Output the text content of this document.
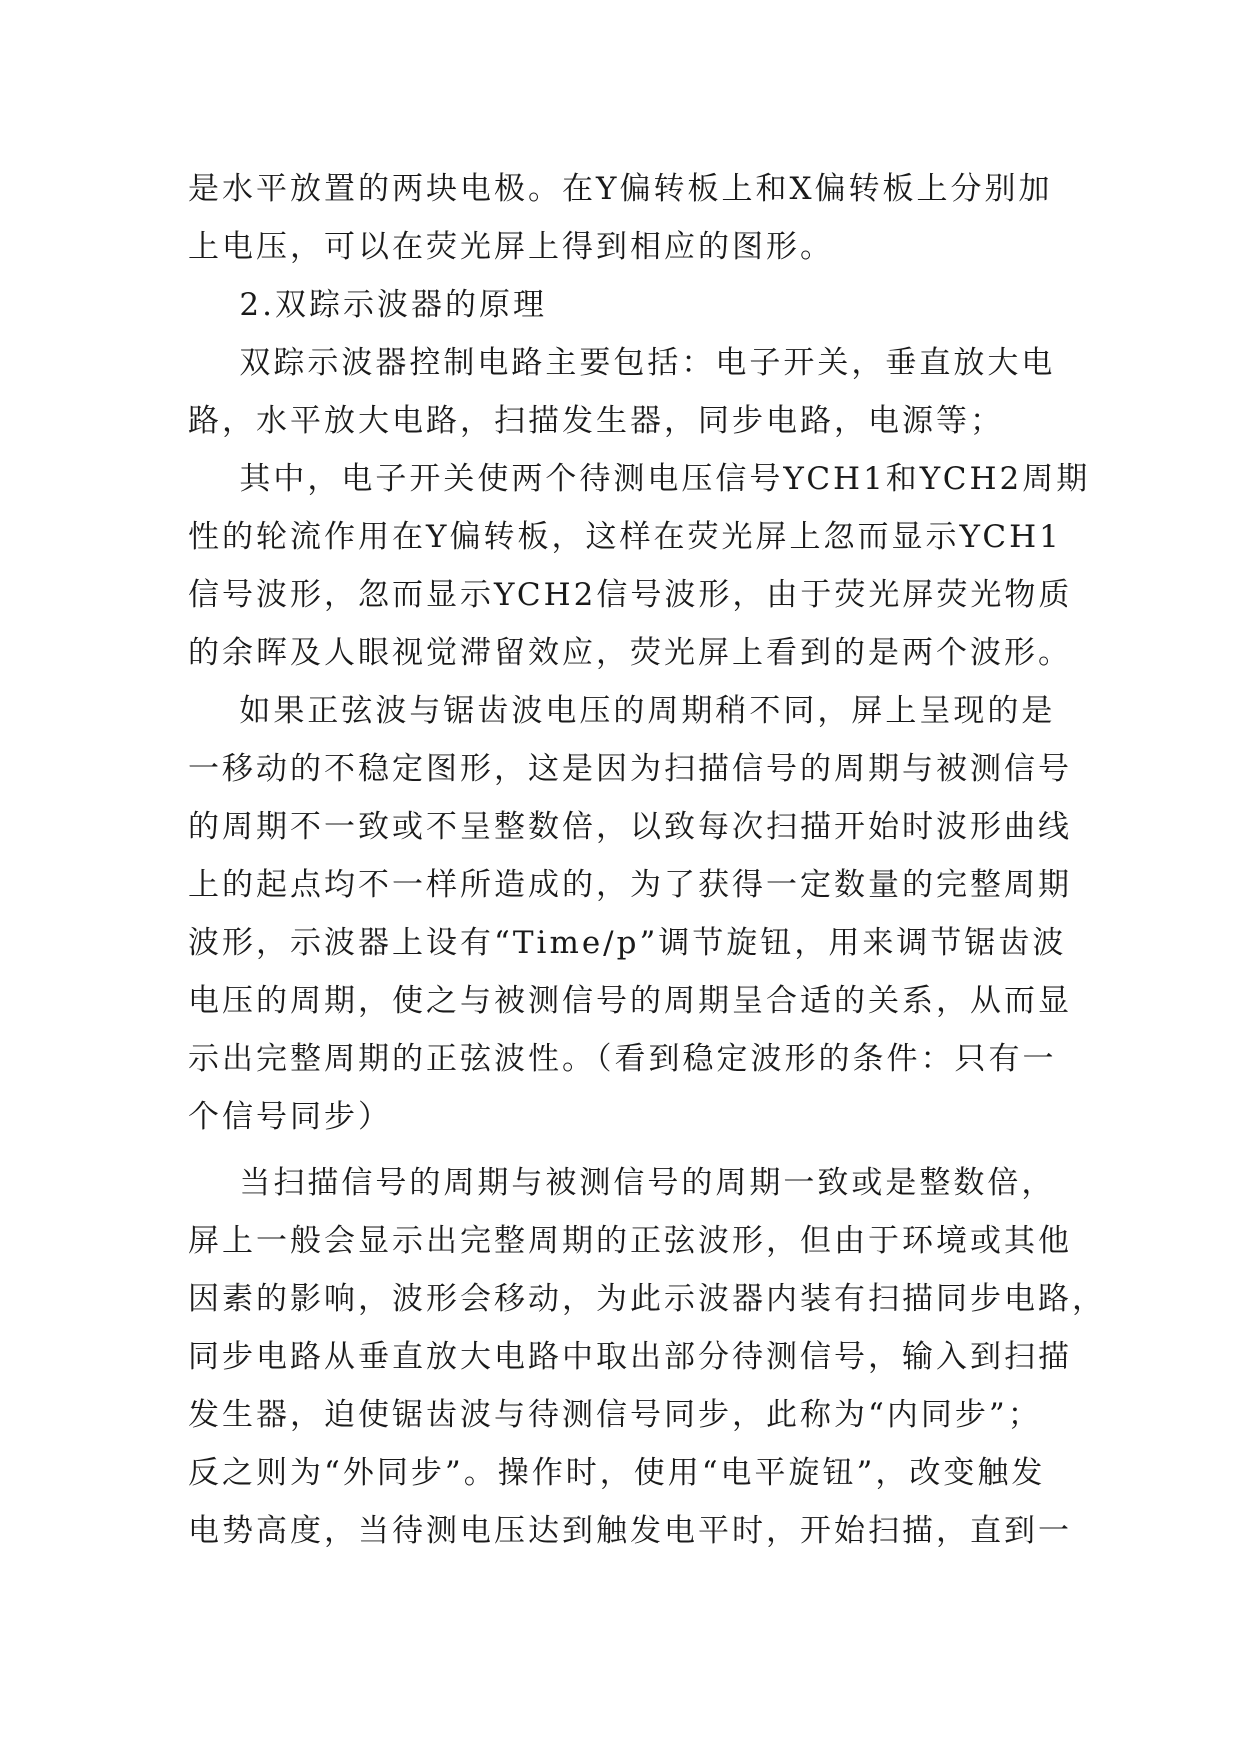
是水平放置的两块电极。在Y偏转板上和X偏转板上分别加
上电压，可以在荧光屏上得到相应的图形。
2.双踪示波器的原理
双踪示波器控制电路主要包括：电子开关，垂直放大电
路，水平放大电路，扫描发生器，同步电路，电源等；
其中，电子开关使两个待测电压信号YCH1和YCH2周期
性的轮流作用在Y偏转板，这样在荧光屏上忽而显示YCH1
信号波形，忽而显示YCH2信号波形，由于荧光屏荧光物质
的余晖及人眼视觉滞留效应，荧光屏上看到的是两个波形。
如果正弦波与锯齿波电压的周期稍不同，屏上呈现的是
一移动的不稳定图形，这是因为扫描信号的周期与被测信号
的周期不一致或不呈整数倍，以致每次扫描开始时波形曲线
上的起点均不一样所造成的，为了获得一定数量的完整周期
波形，示波器上设有“Time/p”调节旋钮，用来调节锯齿波
电压的周期，使之与被测信号的周期呈合适的关系，从而显
示出完整周期的正弦波性。（看到稳定波形的条件：只有一
个信号同步）
当扫描信号的周期与被测信号的周期一致或是整数倍，
屏上一般会显示出完整周期的正弦波形，但由于环境或其他
因素的影响，波形会移动，为此示波器内装有扫描同步电路，
同步电路从垂直放大电路中取出部分待测信号，输入到扫描
发生器，迫使锯齿波与待测信号同步，此称为“内同步”；
反之则为“外同步”。操作时，使用“电平旋钮”，改变触发
电势高度，当待测电压达到触发电平时，开始扫描，直到一
